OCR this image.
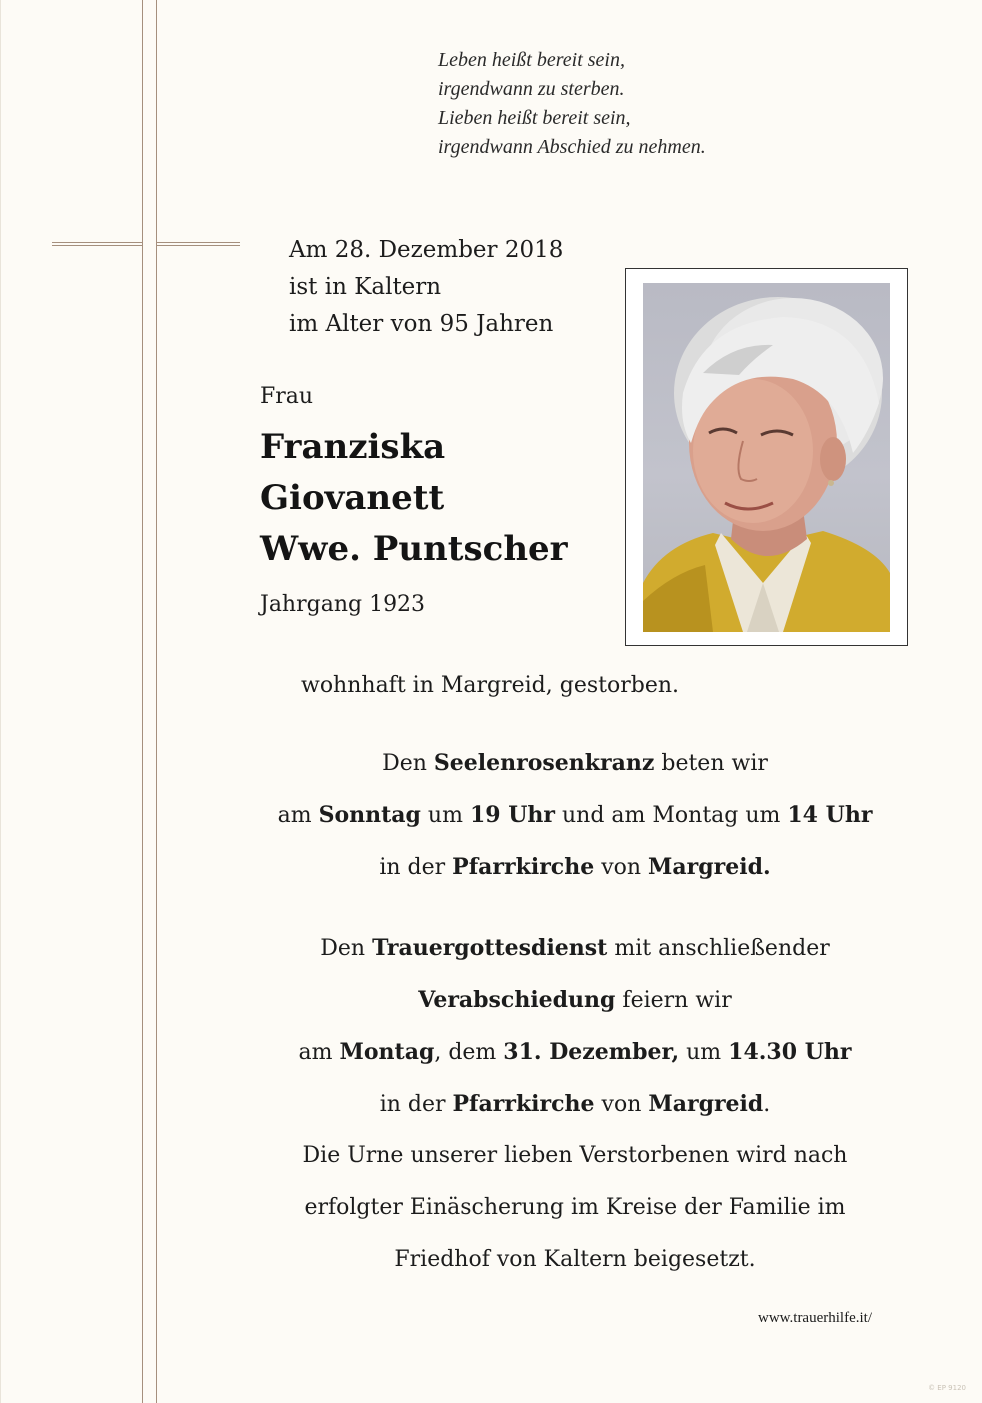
Leben heißt bereit sein,
irgendwann zu sterben.
Lieben heißt bereit sein,
irgendwann Abschied zu nehmen.
Am 28. Dezember 2018
ist in Kaltern
im Alter von 95 Jahren
Frau
Franziska
Giovanett
Wwe. Puntscher
Jahrgang 1923
wohnhaft in Margreid, gestorben.
Den Seelenrosenkranz beten wir
am Sonntag um 19 Uhr und am Montag um 14 Uhr
in der Pfarrkirche von Margreid.
Den Trauergottesdienst mit anschließender
Verabschiedung feiern wir
am Montag, dem 31. Dezember, um 14.30 Uhr
in der Pfarrkirche von Margreid.
Die Urne unserer lieben Verstorbenen wird nach
erfolgter Einäscherung im Kreise der Familie im
Friedhof von Kaltern beigesetzt.
www.trauerhilfe.it/
© EP 9120
